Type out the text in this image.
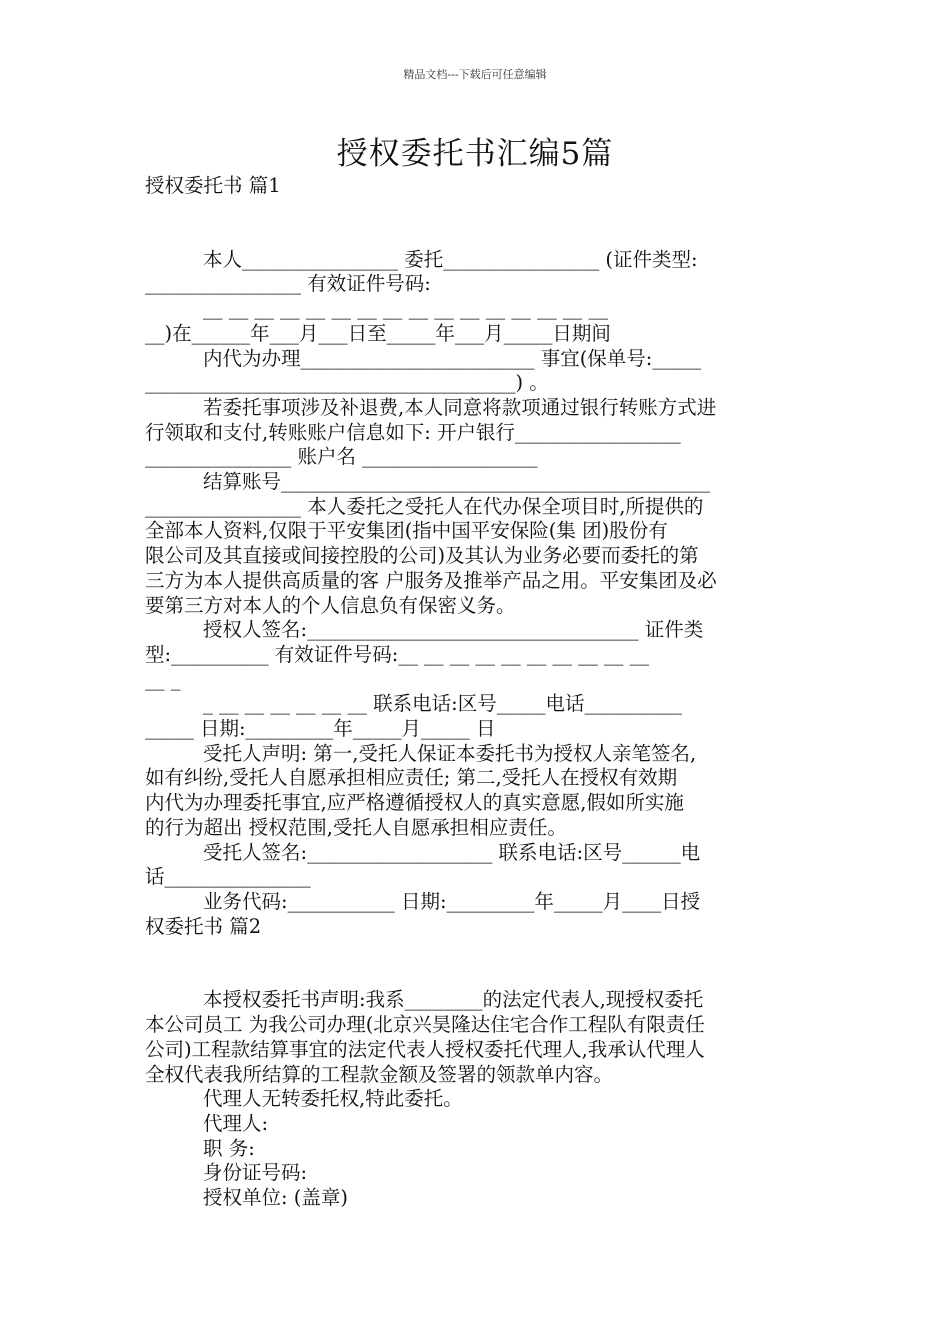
精品文档---下载后可任意编辑
授权委托书汇编5篇

授权委托书 篇1

本人________________ 委托________________ (证件类型:

________________ 有效证件号码:

__ __ __ __ __ __ __ __ __ __ __ __ __ __ __ __

__)在______年___月___日至_____年___月_____日期间

内代为办理________________________ 事宜(保单号:_____

______________________________________) 。

若委托事项涉及补退费,本人同意将款项通过银行转账方式进

行领取和支付,转账账户信息如下: 开户银行_________________

_______________ 账户名 __________________

结算账号____________________________________________

________________ 本人委托之受托人在代办保全项目时,所提供的

全部本人资料,仅限于平安集团(指中国平安保险(集 团)股份有

限公司及其直接或间接控股的公司)及其认为业务必要而委托的第

三方为本人提供高质量的客 户服务及推举产品之用。平安集团及必

要第三方对本人的个人信息负有保密义务。

授权人签名:__________________________________ 证件类

型:__________ 有效证件号码:__ __ __ __ __ __ __ __ __ __

__ _

_ __ __ __ __ __ __ 联系电话:区号_____电话__________

_____ 日期:_________年_____月_____ 日

受托人声明: 第一,受托人保证本委托书为授权人亲笔签名,

如有纠纷,受托人自愿承担相应责任; 第二,受托人在授权有效期

内代为办理委托事宜,应严格遵循授权人的真实意愿,假如所实施

的行为超出 授权范围,受托人自愿承担相应责任。

受托人签名:___________________ 联系电话:区号______电

话_______________

业务代码:___________ 日期:_________年_____月____日授

权委托书 篇2

本授权委托书声明:我系________的法定代表人,现授权委托

本公司员工 为我公司办理(北京兴昊隆达住宅合作工程队有限责任

公司)工程款结算事宜的法定代表人授权委托代理人,我承认代理人

全权代表我所结算的工程款金额及签署的领款单内容。

代理人无转委托权,特此委托。

代理人:

职 务:

身份证号码:

授权单位: (盖章)
